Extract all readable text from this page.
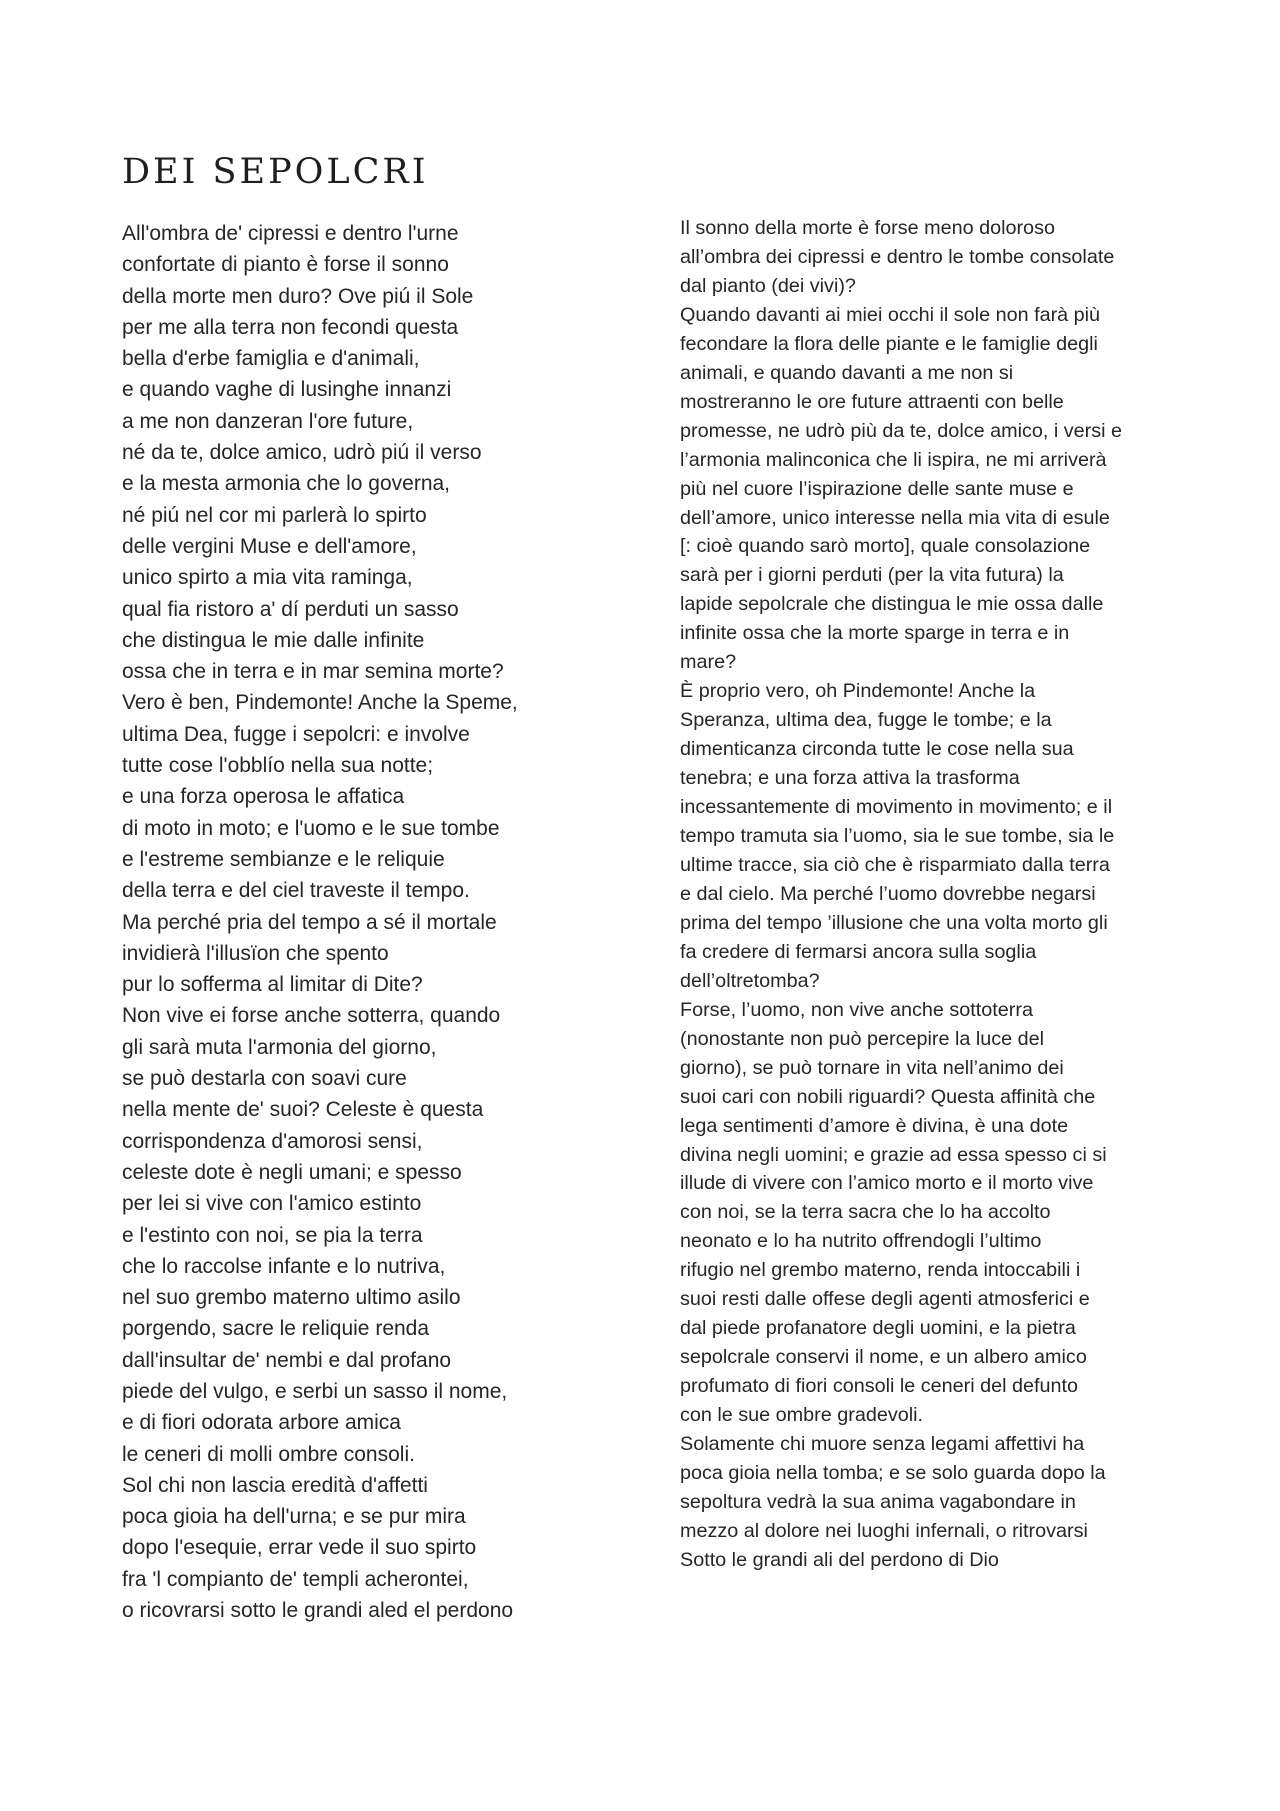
DEI SEPOLCRI
All'ombra de' cipressi e dentro l'urne
confortate di pianto è forse il sonno
della morte men duro? Ove piú il Sole
per me alla terra non fecondi questa
bella d'erbe famiglia e d'animali,
e quando vaghe di lusinghe innanzi
a me non danzeran l'ore future,
né da te, dolce amico, udrò piú il verso
e la mesta armonia che lo governa,
né piú nel cor mi parlerà lo spirto
delle vergini Muse e dell'amore,
unico spirto a mia vita raminga,
qual fia ristoro a' dí perduti un sasso
che distingua le mie dalle infinite
ossa che in terra e in mar semina morte?
Vero è ben, Pindemonte! Anche la Speme,
ultima Dea, fugge i sepolcri: e involve
tutte cose l'obblío nella sua notte;
e una forza operosa le affatica
di moto in moto; e l'uomo e le sue tombe
e l'estreme sembianze e le reliquie
della terra e del ciel traveste il tempo.
Ma perché pria del tempo a sé il mortale
invidierà l'illusïon che spento
pur lo sofferma al limitar di Dite?
Non vive ei forse anche sotterra, quando
gli sarà muta l'armonia del giorno,
se può destarla con soavi cure
nella mente de' suoi? Celeste è questa
corrispondenza d'amorosi sensi,
celeste dote è negli umani; e spesso
per lei si vive con l'amico estinto
e l'estinto con noi, se pia la terra
che lo raccolse infante e lo nutriva,
nel suo grembo materno ultimo asilo
porgendo, sacre le reliquie renda
dall'insultar de' nembi e dal profano
piede del vulgo, e serbi un sasso il nome,
e di fiori odorata arbore amica
le ceneri di molli ombre consoli.
Sol chi non lascia eredità d'affetti
poca gioia ha dell'urna; e se pur mira
dopo l'esequie, errar vede il suo spirto
fra 'l compianto de' templi acherontei,
o ricovrarsi sotto le grandi aled el perdono
Il sonno della morte è forse meno doloroso
all’ombra dei cipressi e dentro le tombe consolate
dal pianto (dei vivi)?
Quando davanti ai miei occhi il sole non farà più
fecondare la flora delle piante e le famiglie degli
animali, e quando davanti a me non si
mostreranno le ore future attraenti con belle
promesse, ne udrò più da te, dolce amico, i versi e
l’armonia malinconica che li ispira, ne mi arriverà
più nel cuore l’ispirazione delle sante muse e
dell’amore, unico interesse nella mia vita di esule
[: cioè quando sarò morto], quale consolazione
sarà per i giorni perduti (per la vita futura) la
lapide sepolcrale che distingua le mie ossa dalle
infinite ossa che la morte sparge in terra e in
mare?
È proprio vero, oh Pindemonte! Anche la
Speranza, ultima dea, fugge le tombe; e la
dimenticanza circonda tutte le cose nella sua
tenebra; e una forza attiva la trasforma
incessantemente di movimento in movimento; e il
tempo tramuta sia l’uomo, sia le sue tombe, sia le
ultime tracce, sia ciò che è risparmiato dalla terra
e dal cielo. Ma perché l’uomo dovrebbe negarsi
prima del tempo ’illusione che una volta morto gli
fa credere di fermarsi ancora sulla soglia
dell’oltretomba?
Forse, l’uomo, non vive anche sottoterra
(nonostante non può percepire la luce del
giorno), se può tornare in vita nell’animo dei
suoi cari con nobili riguardi? Questa affinità che
lega sentimenti d’amore è divina, è una dote
divina negli uomini; e grazie ad essa spesso ci si
illude di vivere con l’amico morto e il morto vive
con noi, se la terra sacra che lo ha accolto
neonato e lo ha nutrito offrendogli l’ultimo
rifugio nel grembo materno, renda intoccabili i
suoi resti dalle offese degli agenti atmosferici e
dal piede profanatore degli uomini, e la pietra
sepolcrale conservi il nome, e un albero amico
profumato di fiori consoli le ceneri del defunto
con le sue ombre gradevoli.
Solamente chi muore senza legami affettivi ha
poca gioia nella tomba; e se solo guarda dopo la
sepoltura vedrà la sua anima vagabondare in
mezzo al dolore nei luoghi infernali, o ritrovarsi
Sotto le grandi ali del perdono di Dio
